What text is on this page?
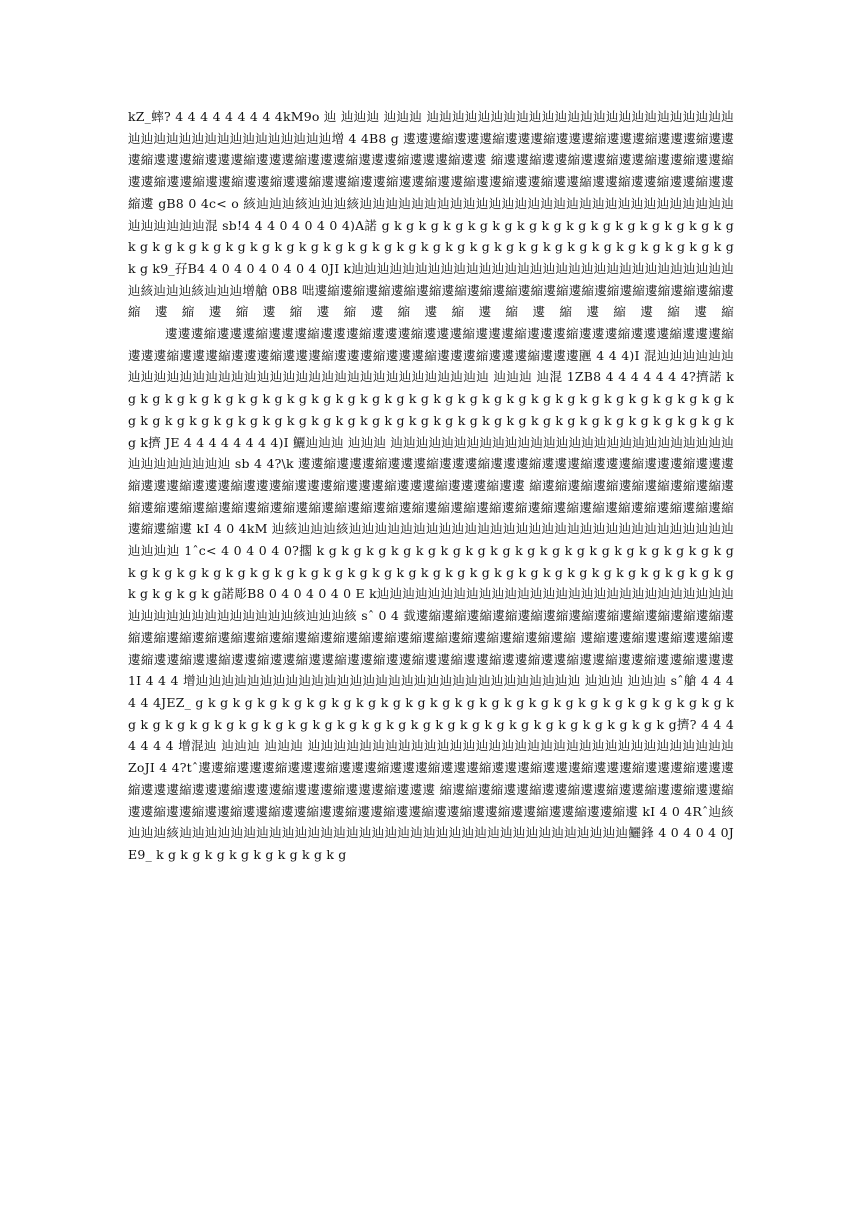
kZ_蟀? 4 4 4 4 4 4 4 4 4kM9o 辿 辿辿辿 辿辿辿 辿辿辿辿辿辿辿辿辿辿辿辿辿辿辿辿辿辿辿辿辿辿辿辿辿辿辿辿辿辿辿辿辿辿辿辿辿辿辿辿增 4 4B8 g 遱遱遱縮遱遱遱縮遱遱遱縮遱遱遱縮遱遱遱縮遱遱遱縮遱遱遱縮遱遱遱縮遱遱遱縮遱遱遱縮遱遱遱縮遱遱遱縮遱遱遱縮遱遱 縮遱遱縮遱遱縮遱遱縮遱遱縮遱遱縮遱遱縮遱遱縮遱遱縮遱遱縮遱遱縮遱遱縮遱遱縮遱遱縮遱遱縮遱遱縮遱遱縮遱遱縮遱遱縮遱遱縮遱遱縮遱遱縮遱遱縮遱 gB8 0 4c< o 絯辿辿辿絯辿辿辿絯辿辿辿辿辿辿辿辿辿辿辿辿辿辿辿辿辿辿辿辿辿辿辿辿辿辿辿辿辿辿辿辿辿辿辿混 sb!4 4 4 0 4 0 4 0 4)A諾 g k g k g k g k g k g k g k g k g k g k g k g k g k g k g k g k g k g k g k g k g k g k g k g k g k g k g k g k g k g k g k g k g k g k g k g k g k g k g k g k g k9_孖B4 4 0 4 0 4 0 4 0 4 0JI k辿辿辿辿辿辿辿辿辿辿辿辿辿辿辿辿辿辿辿辿辿辿辿辿辿辿辿辿辿辿辿絯辿辿辿絯辿辿辿增艙 0B8 咄遱縮遱縮遱縮遱縮遱縮遱縮遱縮遱縮遱縮遱縮遱縮遱縮遱縮遱縮遱縮遱縮遱縮遱縮遱縮遱縮遱縮遱縮遱縮遱縮遱縮遱縮遱縮遱縮

遱遱遱縮遱遱遱縮遱遱遱縮遱遱遱縮遱遱遱縮遱遱遱縮遱遱遱縮遱遱遱縮遱遱遱縮遱遱遱縮遱遱遱縮遱遱遱縮遱遱遱縮遱遱遱縮遱遱遱縮遱遱遱縮遱遱遱縮遱遱遱縮遱遱遱縮遱遱遱甅 4 4 4)I 混辿辿辿辿辿辿辿辿辿辿辿辿辿辿辿辿辿辿辿辿辿辿辿辿辿辿辿辿辿辿辿辿辿辿 辿辿辿 辿混 1ZB8 4 4 4 4 4 4 4?擠諾 k g k g k g k g k g k g k g k g k g k g k g k g k g k g k g k g k g k g k g k g k g k g k g k g k g k g k g k g k g k g k g k g k g k g k g k g k g k g k g k g k g k g k g k g k g k g k g k g k g k g k g k擠 JE 4 4 4 4 4 4 4 4)I 鱺辿辿辿 辿辿辿 辿辿辿辿辿辿辿辿辿辿辿辿辿辿辿辿辿辿辿辿辿辿辿辿辿辿辿辿辿辿辿辿辿辿辿 sb 4 4?\k 遱遱縮遱遱遱縮遱遱遱縮遱遱遱縮遱遱遱縮遱遱遱縮遱遱遱縮遱遱遱縮遱遱遱縮遱遱遱縮遱遱遱縮遱遱遱縮遱遱遱縮遱遱遱縮遱遱遱縮遱遱遱縮遱遱 縮遱縮遱縮遱縮遱縮遱縮遱縮遱縮遱縮遱縮遱縮遱縮遱縮遱縮遱縮遱縮遱縮遱縮遱縮遱縮遱縮遱縮遱縮遱縮遱縮遱縮遱縮遱縮遱縮遱縮遱縮遱縮遱縮遱縮遱 kI 4 0 4kM 辿絯辿辿辿絯辿辿辿辿辿辿辿辿辿辿辿辿辿辿辿辿辿辿辿辿辿辿辿辿辿辿辿辿辿辿辿辿辿辿 1ˆc< 4 0 4 0 4 0?擱 k g k g k g k g k g k g k g k g k g k g k g k g k g k g k g k g k g k g k g k g k g k g k g k g k g k g k g k g k g k g k g k g k g k g k g k g k g k g k g k g k g k g k g k g k g k g諾彫B8 0 4 0 4 0 4 0 E k辿辿辿辿辿辿辿辿辿辿辿辿辿辿辿辿辿辿辿辿辿辿辿辿辿辿辿辿辿辿辿辿辿辿辿辿辿辿辿辿辿絯辿辿辿絯 sˆ 0 4 臷遱縮遱縮遱縮遱縮遱縮遱縮遱縮遱縮遱縮遱縮遱縮遱縮遱縮遱縮遱縮遱縮遱縮遱縮遱縮遱縮遱縮遱縮遱縮遱縮遱縮遱縮遱縮遱縮遱縮遱縮 遱縮遱遱縮遱遱縮遱遱縮遱遱縮遱遱縮遱遱縮遱遱縮遱遱縮遱遱縮遱遱縮遱遱縮遱遱縮遱遱縮遱遱縮遱遱縮遱遱縮遱遱縮遱遱縮遱遱遱 1I 4 4 4 增辿辿辿辿辿辿辿辿辿辿辿辿辿辿辿辿辿辿辿辿辿辿辿辿辿辿辿辿辿辿 辿辿辿 辿辿辿 sˆ艙 4 4 4 4 4 4JEZ_ g k g k g k g k g k g k g k g k g k g k g k g k g k g k g k g k g k g k g k g k g k g k g k g k g k g k g k g k g k g k g k g k g k g k g k g k g k g k g k g k g k g k g k g k g擠? 4 4 4 4 4 4 4 增混辿 辿辿辿 辿辿辿 辿辿辿辿辿辿辿辿辿辿辿辿辿辿辿辿辿辿辿辿辿辿辿辿辿辿辿辿辿辿辿辿辿 ZoJI 4 4?tˆ遱遱縮遱遱遱縮遱遱遱縮遱遱遱縮遱遱遱縮遱遱遱縮遱遱遱縮遱遱遱縮遱遱遱縮遱遱遱縮遱遱遱縮遱遱遱縮遱遱遱縮遱遱遱縮遱遱遱縮遱遱遱縮遱遱遱 縮遱縮遱縮遱遱縮遱遱縮遱遱縮遱遱縮遱遱縮遱遱縮遱遱縮遱遱縮遱遱縮遱遱縮遱遱縮遱遱縮遱遱縮遱遱縮遱遱縮遱遱縮遱遱縮遱遱縮遱遱縮遱 kI 4 0 4Rˆ辿絯辿辿辿絯辿辿辿辿辿辿辿辿辿辿辿辿辿辿辿辿辿辿辿辿辿辿辿辿辿辿辿辿辿辿辿辿辿辿辿鱺鋒 4 0 4 0 4 0JE9_ k g k g k g k g k g k g k g k g
